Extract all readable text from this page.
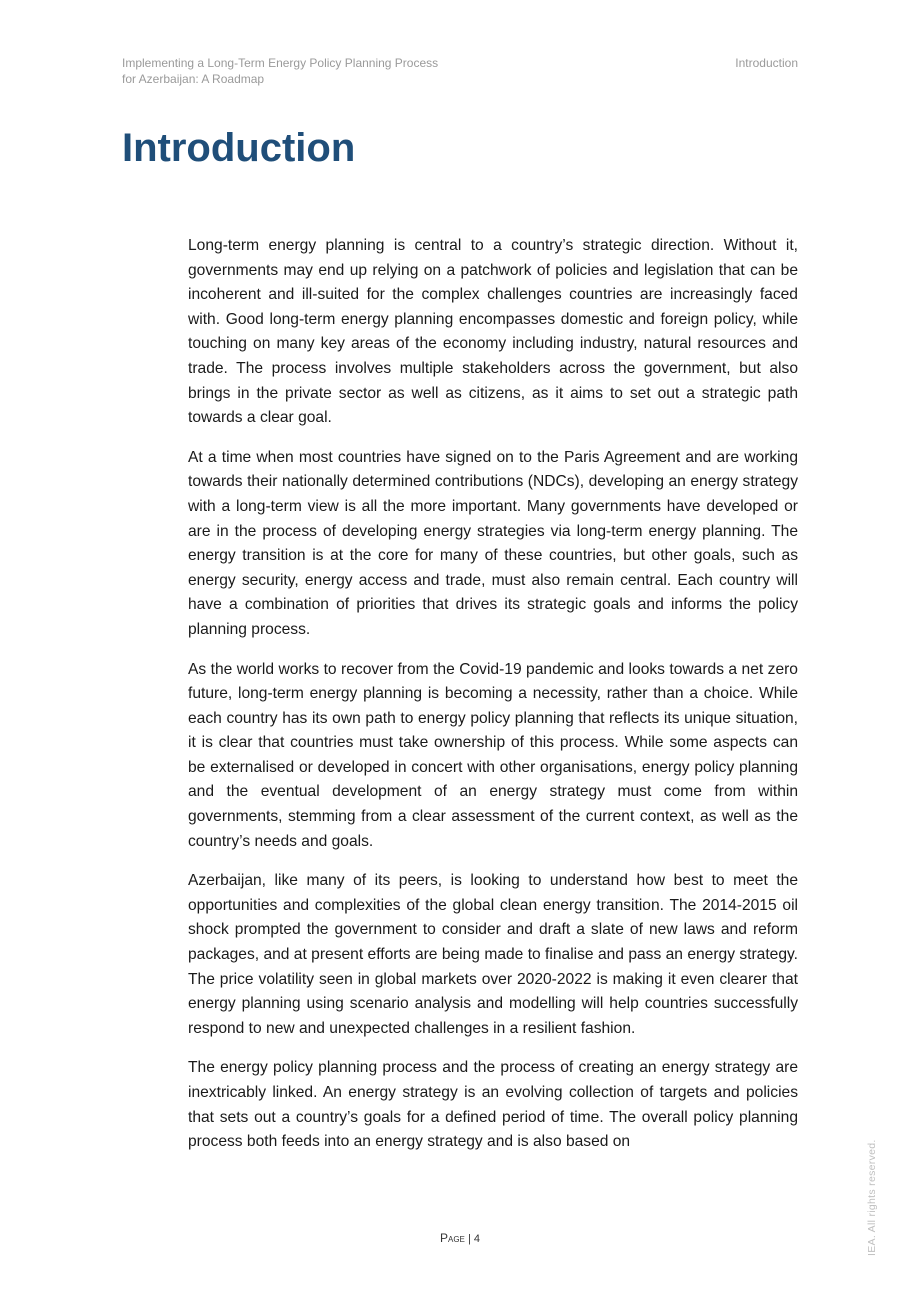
Implementing a Long-Term Energy Policy Planning Process
for Azerbaijan: A Roadmap
Introduction
Introduction

Long-term energy planning is central to a country’s strategic direction. Without it, governments may end up relying on a patchwork of policies and legislation that can be incoherent and ill-suited for the complex challenges countries are increasingly faced with. Good long-term energy planning encompasses domestic and foreign policy, while touching on many key areas of the economy including industry, natural resources and trade. The process involves multiple stakeholders across the government, but also brings in the private sector as well as citizens, as it aims to set out a strategic path towards a clear goal.

At a time when most countries have signed on to the Paris Agreement and are working towards their nationally determined contributions (NDCs), developing an energy strategy with a long-term view is all the more important. Many governments have developed or are in the process of developing energy strategies via long-term energy planning. The energy transition is at the core for many of these countries, but other goals, such as energy security, energy access and trade, must also remain central. Each country will have a combination of priorities that drives its strategic goals and informs the policy planning process.

As the world works to recover from the Covid-19 pandemic and looks towards a net zero future, long-term energy planning is becoming a necessity, rather than a choice. While each country has its own path to energy policy planning that reflects its unique situation, it is clear that countries must take ownership of this process. While some aspects can be externalised or developed in concert with other organisations, energy policy planning and the eventual development of an energy strategy must come from within governments, stemming from a clear assessment of the current context, as well as the country’s needs and goals.

Azerbaijan, like many of its peers, is looking to understand how best to meet the opportunities and complexities of the global clean energy transition. The 2014-2015 oil shock prompted the government to consider and draft a slate of new laws and reform packages, and at present efforts are being made to finalise and pass an energy strategy. The price volatility seen in global markets over 2020-2022 is making it even clearer that energy planning using scenario analysis and modelling will help countries successfully respond to new and unexpected challenges in a resilient fashion.

The energy policy planning process and the process of creating an energy strategy are inextricably linked. An energy strategy is an evolving collection of targets and policies that sets out a country’s goals for a defined period of time. The overall policy planning process both feeds into an energy strategy and is also based on

Page | 4	IEA. All rights reserved.
